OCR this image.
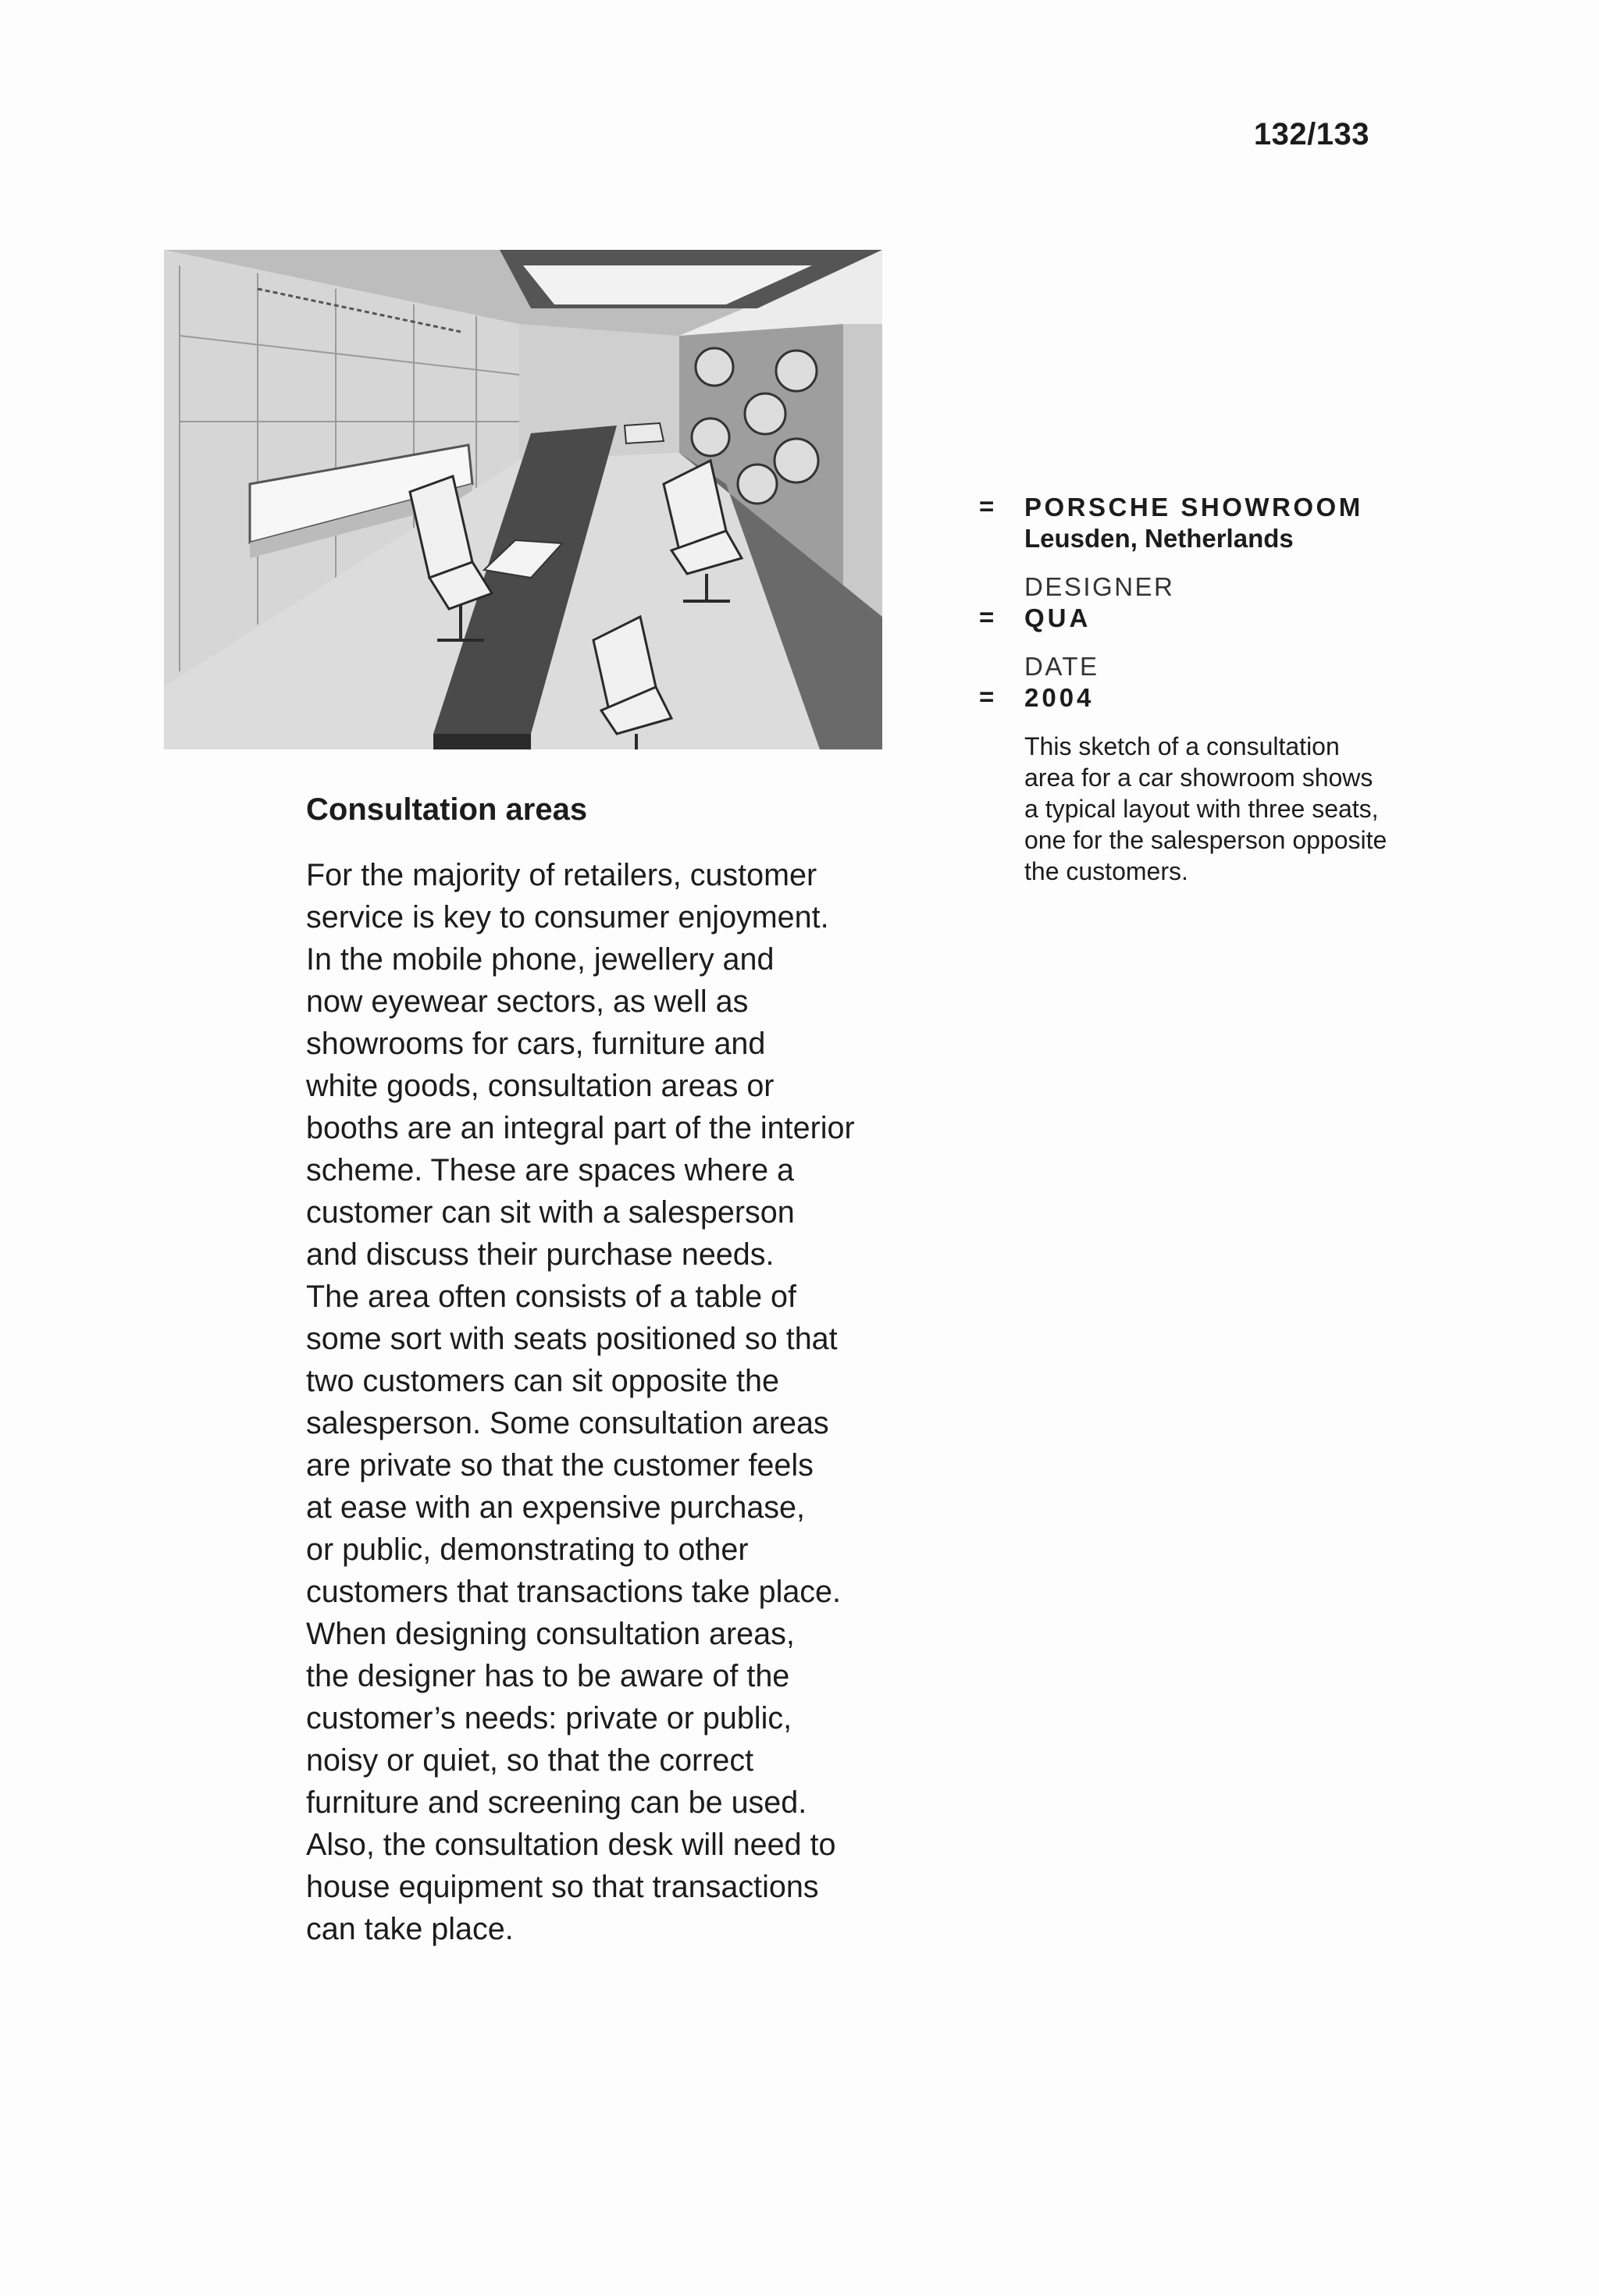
132/133
Consultation areas

For the majority of retailers, customer
service is key to consumer enjoyment.
In the mobile phone, jewellery and
now eyewear sectors, as well as
showrooms for cars, furniture and
white goods, consultation areas or
booths are an integral part of the interior
scheme. These are spaces where a
customer can sit with a salesperson
and discuss their purchase needs.
The area often consists of a table of
some sort with seats positioned so that
two customers can sit opposite the
salesperson. Some consultation areas
are private so that the customer feels
at ease with an expensive purchase,
or public, demonstrating to other
customers that transactions take place.
When designing consultation areas,
the designer has to be aware of the
customer’s needs: private or public,
noisy or quiet, so that the correct
furniture and screening can be used.
Also, the consultation desk will need to
house equipment so that transactions
can take place.

= PORSCHE SHOWROOM
Leusden, Netherlands
DESIGNER
= QUA
DATE
= 2004
This sketch of a consultation
area for a car showroom shows
a typical layout with three seats,
one for the salesperson opposite
the customers.
